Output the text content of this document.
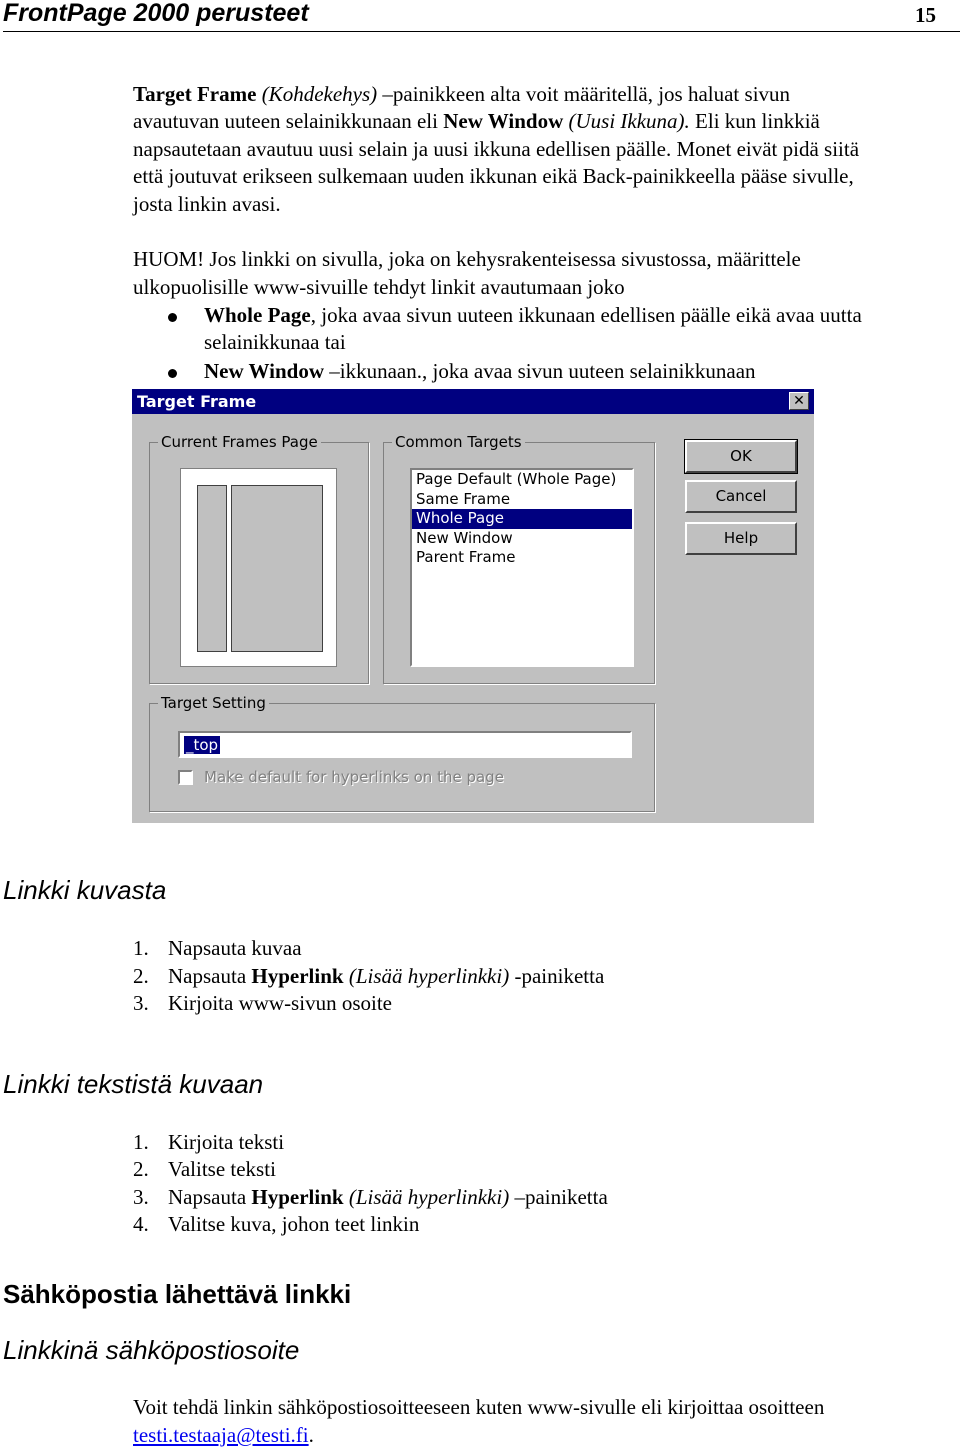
FrontPage 2000 perusteet	15
Target Frame (Kohdekehys) –painikkeen alta voit määritellä, jos haluat sivun
avautuvan uuteen selainikkunaan eli New Window (Uusi Ikkuna). Eli kun linkkiä
napsautetaan avautuu uusi selain ja uusi ikkuna edellisen päälle. Monet eivät pidä siitä
että joutuvat erikseen sulkemaan uuden ikkunan eikä Back-painikkeella pääse sivulle,
josta linkin avasi.
HUOM! Jos linkki on sivulla, joka on kehysrakenteisessa sivustossa, määrittele
ulkopuolisille www-sivuille tehdyt linkit avautumaan joko
Whole Page, joka avaa sivun uuteen ikkunaan edellisen päälle eikä avaa uutta
selainikkunaa tai
New Window –ikkunaan., joka avaa sivun uuteen selainikkunaan
Target Frame	✕
Current Frames Page	Common Targets
Page Default (Whole Page)
Same Frame
Whole Page
New Window
Parent Frame
OK
Cancel
Help
Target Setting
_top
Make default for hyperlinks on the page
Linkki kuvasta
1. Napsauta kuvaa
2. Napsauta Hyperlink (Lisää hyperlinkki) -painiketta
3. Kirjoita www-sivun osoite
Linkki tekstistä kuvaan
1. Kirjoita teksti
2. Valitse teksti
3. Napsauta Hyperlink (Lisää hyperlinkki) –painiketta
4. Valitse kuva, johon teet linkin
Sähköpostia lähettävä linkki
Linkkinä sähköpostiosoite
Voit tehdä linkin sähköpostiosoitteeseen kuten www-sivulle eli kirjoittaa osoitteen
testi.testaaja@testi.fi.
